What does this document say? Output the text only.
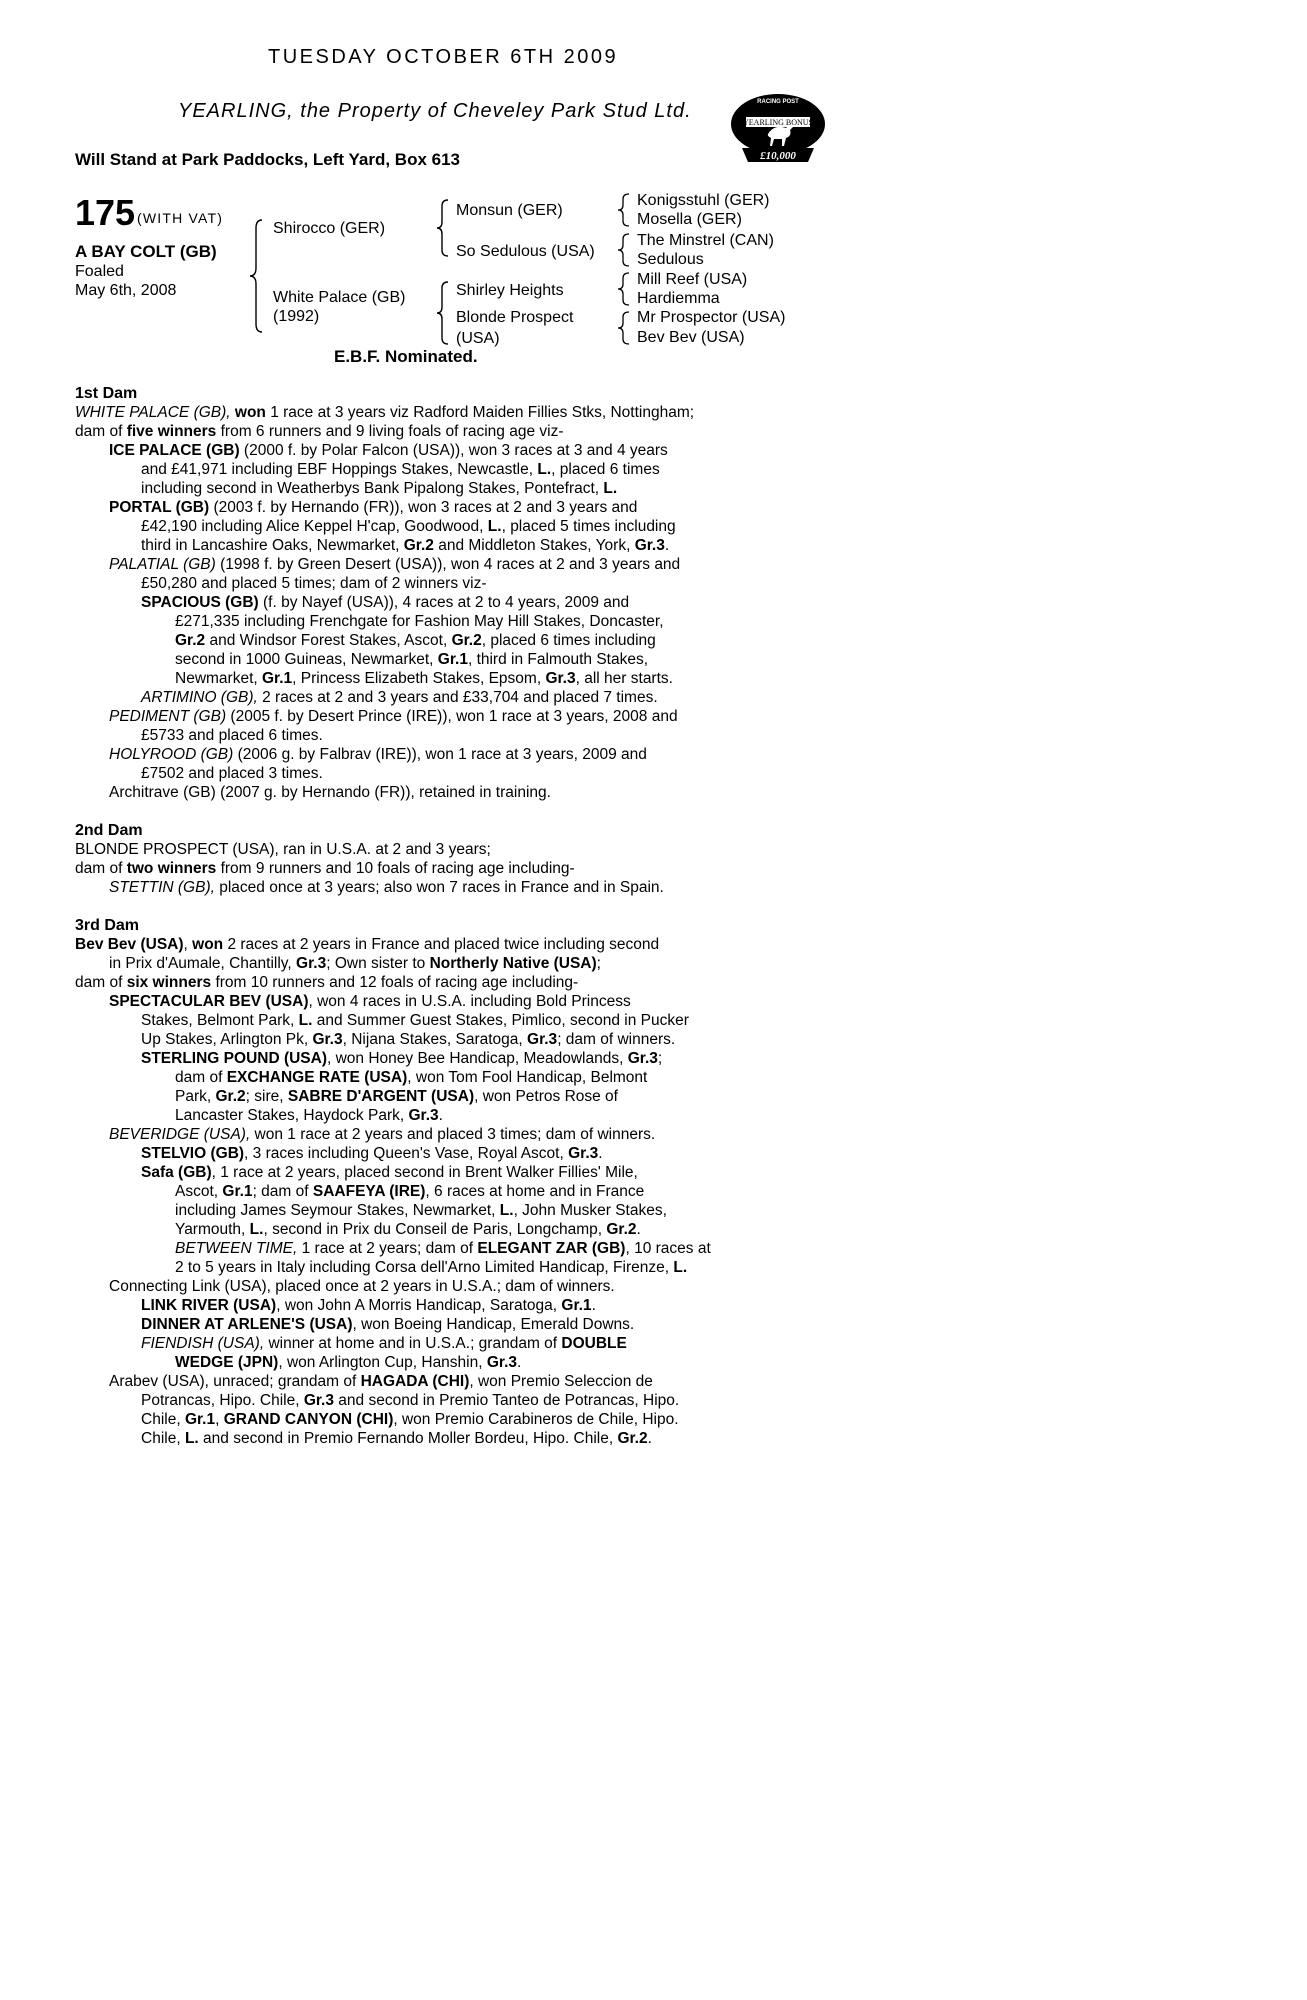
TUESDAY OCTOBER 6TH 2009
YEARLING, the Property of Cheveley Park Stud Ltd.
Will Stand at Park Paddocks, Left Yard, Box 613
RACING POST
YEARLING BONUS
£10,000
175 (WITH VAT)
A BAY COLT (GB)
Foaled
May 6th, 2008
Shirocco (GER)
White Palace (GB)
(1992)
Monsun (GER)
So Sedulous (USA)
Shirley Heights
Blonde Prospect
(USA)
Konigsstuhl (GER)
Mosella (GER)
The Minstrel (CAN)
Sedulous
Mill Reef (USA)
Hardiemma
Mr Prospector (USA)
Bev Bev (USA)
E.B.F. Nominated.

1st Dam

WHITE PALACE (GB), won 1 race at 3 years viz Radford Maiden Fillies Stks, Nottingham;

dam of five winners from 6 runners and 9 living foals of racing age viz-

ICE PALACE (GB) (2000 f. by Polar Falcon (USA)), won 3 races at 3 and 4 years

and £41,971 including EBF Hoppings Stakes, Newcastle, L., placed 6 times

including second in Weatherbys Bank Pipalong Stakes, Pontefract, L.

PORTAL (GB) (2003 f. by Hernando (FR)), won 3 races at 2 and 3 years and

£42,190 including Alice Keppel H'cap, Goodwood, L., placed 5 times including

third in Lancashire Oaks, Newmarket, Gr.2 and Middleton Stakes, York, Gr.3.

PALATIAL (GB) (1998 f. by Green Desert (USA)), won 4 races at 2 and 3 years and

£50,280 and placed 5 times; dam of 2 winners viz-

SPACIOUS (GB) (f. by Nayef (USA)), 4 races at 2 to 4 years, 2009 and

£271,335 including Frenchgate for Fashion May Hill Stakes, Doncaster,

Gr.2 and Windsor Forest Stakes, Ascot, Gr.2, placed 6 times including

second in 1000 Guineas, Newmarket, Gr.1, third in Falmouth Stakes,

Newmarket, Gr.1, Princess Elizabeth Stakes, Epsom, Gr.3, all her starts.

ARTIMINO (GB), 2 races at 2 and 3 years and £33,704 and placed 7 times.

PEDIMENT (GB) (2005 f. by Desert Prince (IRE)), won 1 race at 3 years, 2008 and

£5733 and placed 6 times.

HOLYROOD (GB) (2006 g. by Falbrav (IRE)), won 1 race at 3 years, 2009 and

£7502 and placed 3 times.

Architrave (GB) (2007 g. by Hernando (FR)), retained in training.

2nd Dam

BLONDE PROSPECT (USA), ran in U.S.A. at 2 and 3 years;

dam of two winners from 9 runners and 10 foals of racing age including-

STETTIN (GB), placed once at 3 years; also won 7 races in France and in Spain.

3rd Dam

Bev Bev (USA), won 2 races at 2 years in France and placed twice including second

in Prix d'Aumale, Chantilly, Gr.3; Own sister to Northerly Native (USA);

dam of six winners from 10 runners and 12 foals of racing age including-

SPECTACULAR BEV (USA), won 4 races in U.S.A. including Bold Princess

Stakes, Belmont Park, L. and Summer Guest Stakes, Pimlico, second in Pucker

Up Stakes, Arlington Pk, Gr.3, Nijana Stakes, Saratoga, Gr.3; dam of winners.

STERLING POUND (USA), won Honey Bee Handicap, Meadowlands, Gr.3;

dam of EXCHANGE RATE (USA), won Tom Fool Handicap, Belmont

Park, Gr.2; sire, SABRE D'ARGENT (USA), won Petros Rose of

Lancaster Stakes, Haydock Park, Gr.3.

BEVERIDGE (USA), won 1 race at 2 years and placed 3 times; dam of winners.

STELVIO (GB), 3 races including Queen's Vase, Royal Ascot, Gr.3.

Safa (GB), 1 race at 2 years, placed second in Brent Walker Fillies' Mile,

Ascot, Gr.1; dam of SAAFEYA (IRE), 6 races at home and in France

including James Seymour Stakes, Newmarket, L., John Musker Stakes,

Yarmouth, L., second in Prix du Conseil de Paris, Longchamp, Gr.2.

BETWEEN TIME, 1 race at 2 years; dam of ELEGANT ZAR (GB), 10 races at

2 to 5 years in Italy including Corsa dell'Arno Limited Handicap, Firenze, L.

Connecting Link (USA), placed once at 2 years in U.S.A.; dam of winners.

LINK RIVER (USA), won John A Morris Handicap, Saratoga, Gr.1.

DINNER AT ARLENE'S (USA), won Boeing Handicap, Emerald Downs.

FIENDISH (USA), winner at home and in U.S.A.; grandam of DOUBLE

WEDGE (JPN), won Arlington Cup, Hanshin, Gr.3.

Arabev (USA), unraced; grandam of HAGADA (CHI), won Premio Seleccion de

Potrancas, Hipo. Chile, Gr.3 and second in Premio Tanteo de Potrancas, Hipo.

Chile, Gr.1, GRAND CANYON (CHI), won Premio Carabineros de Chile, Hipo.

Chile, L. and second in Premio Fernando Moller Bordeu, Hipo. Chile, Gr.2.
